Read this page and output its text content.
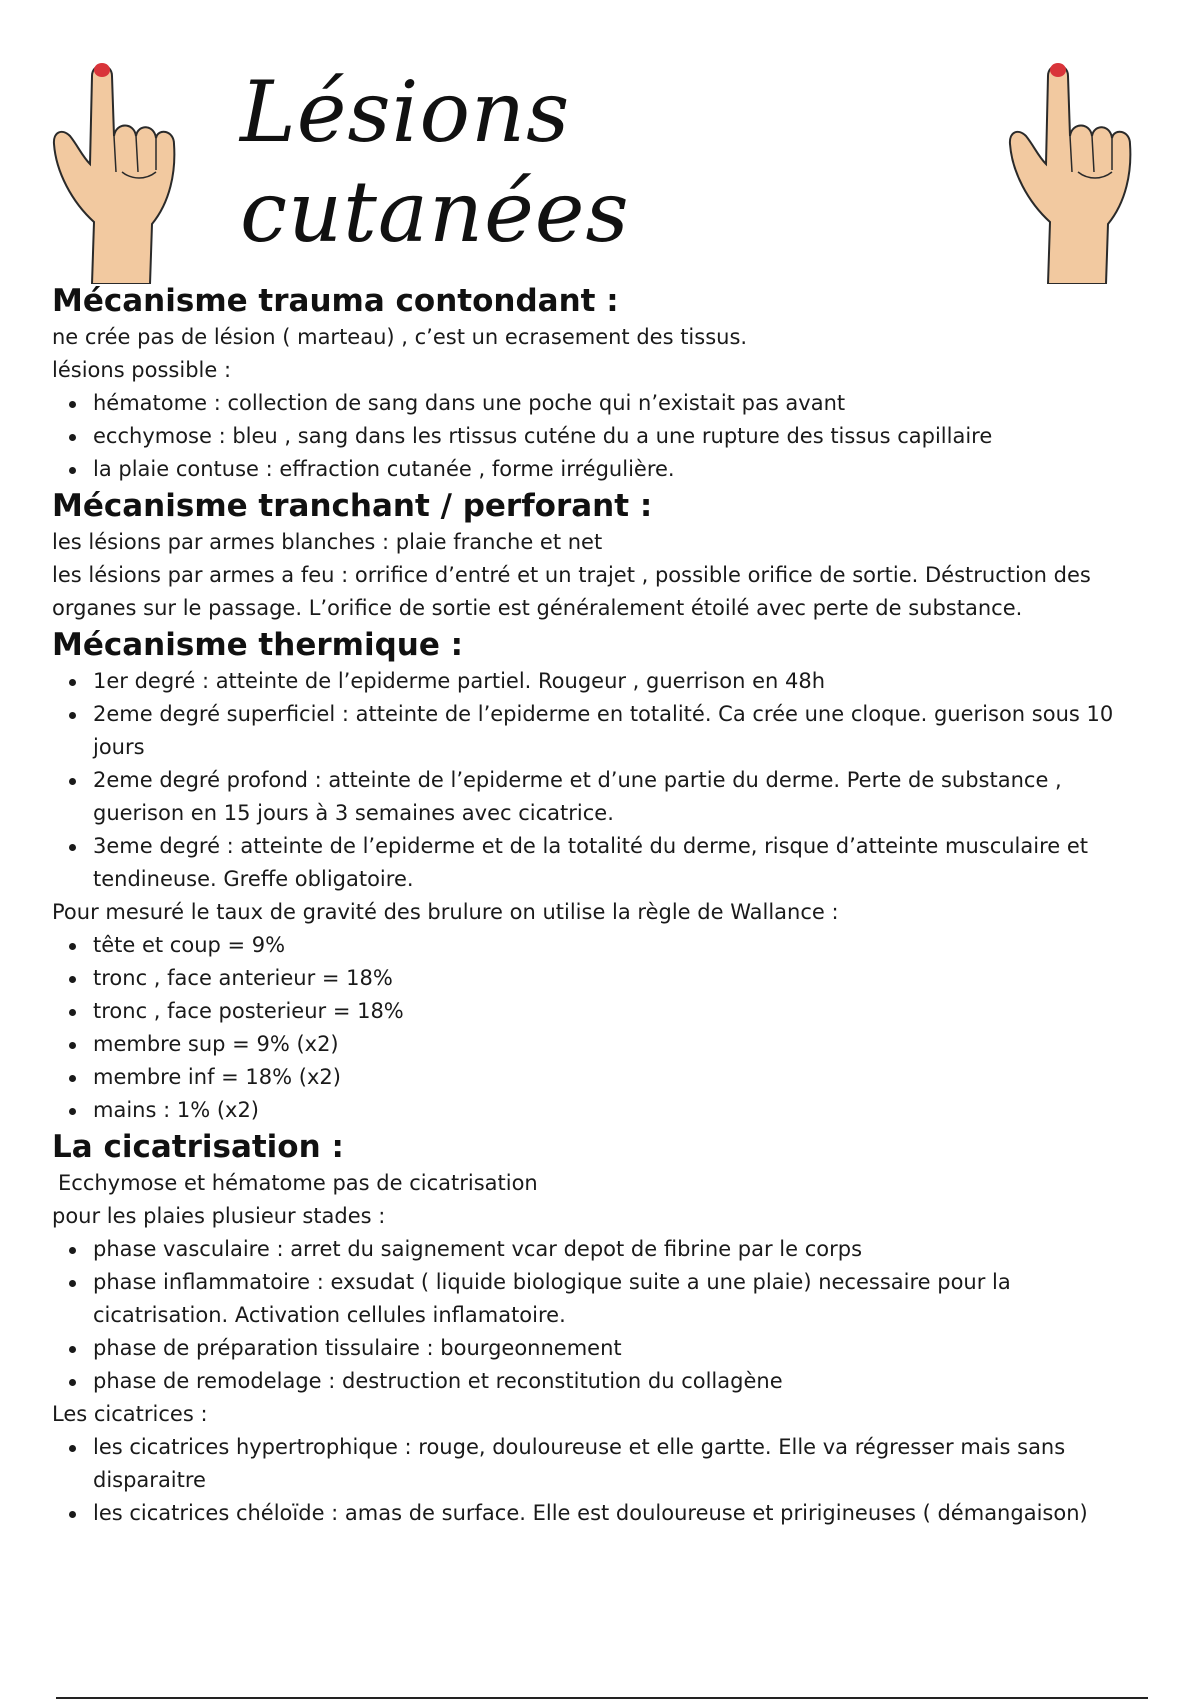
Lésions cutanées
Mécanisme trauma contondant :

ne crée pas de lésion ( marteau) , c’est un ecrasement des tissus.

lésions possible :

hématome : collection de sang dans une poche qui n’existait pas avant
ecchymose : bleu , sang dans les rtissus cuténe du a une rupture des tissus capillaire
la plaie contuse : effraction cutanée , forme irrégulière.
Mécanisme tranchant / perforant :

les lésions par armes blanches : plaie franche et net

les lésions par armes a feu : orrifice d’entré et un trajet , possible orifice de sortie. Déstruction des organes sur le passage. L’orifice de sortie est généralement étoilé avec perte de substance.

Mécanisme thermique :
1er degré : atteinte de l’epiderme partiel. Rougeur , guerrison en 48h
2eme degré superficiel : atteinte de l’epiderme en totalité. Ca crée une cloque. guerison sous 10 jours
2eme degré profond : atteinte de l’epiderme et d’une partie du derme. Perte de substance , guerison en 15 jours à 3 semaines avec cicatrice.
3eme degré : atteinte de l’epiderme et de la totalité du derme, risque d’atteinte musculaire et tendineuse. Greffe obligatoire.

Pour mesuré le taux de gravité des brulure on utilise la règle de Wallance :

tête et coup = 9%
tronc , face anterieur = 18%
tronc , face posterieur = 18%
membre sup = 9% (x2)
membre inf = 18% (x2)
mains : 1% (x2)
La cicatrisation :

Ecchymose et hématome pas de cicatrisation

pour les plaies plusieur stades :

phase vasculaire : arret du saignement vcar depot de fibrine par le corps
phase inflammatoire : exsudat ( liquide biologique suite a une plaie) necessaire pour la cicatrisation. Activation cellules inflamatoire.
phase de préparation tissulaire : bourgeonnement
phase de remodelage : destruction et reconstitution du collagène

Les cicatrices :

les cicatrices hypertrophique : rouge, douloureuse et elle gartte. Elle va régresser mais sans disparaitre
les cicatrices chéloïde : amas de surface. Elle est douloureuse et pririgineuses ( démangaison)
